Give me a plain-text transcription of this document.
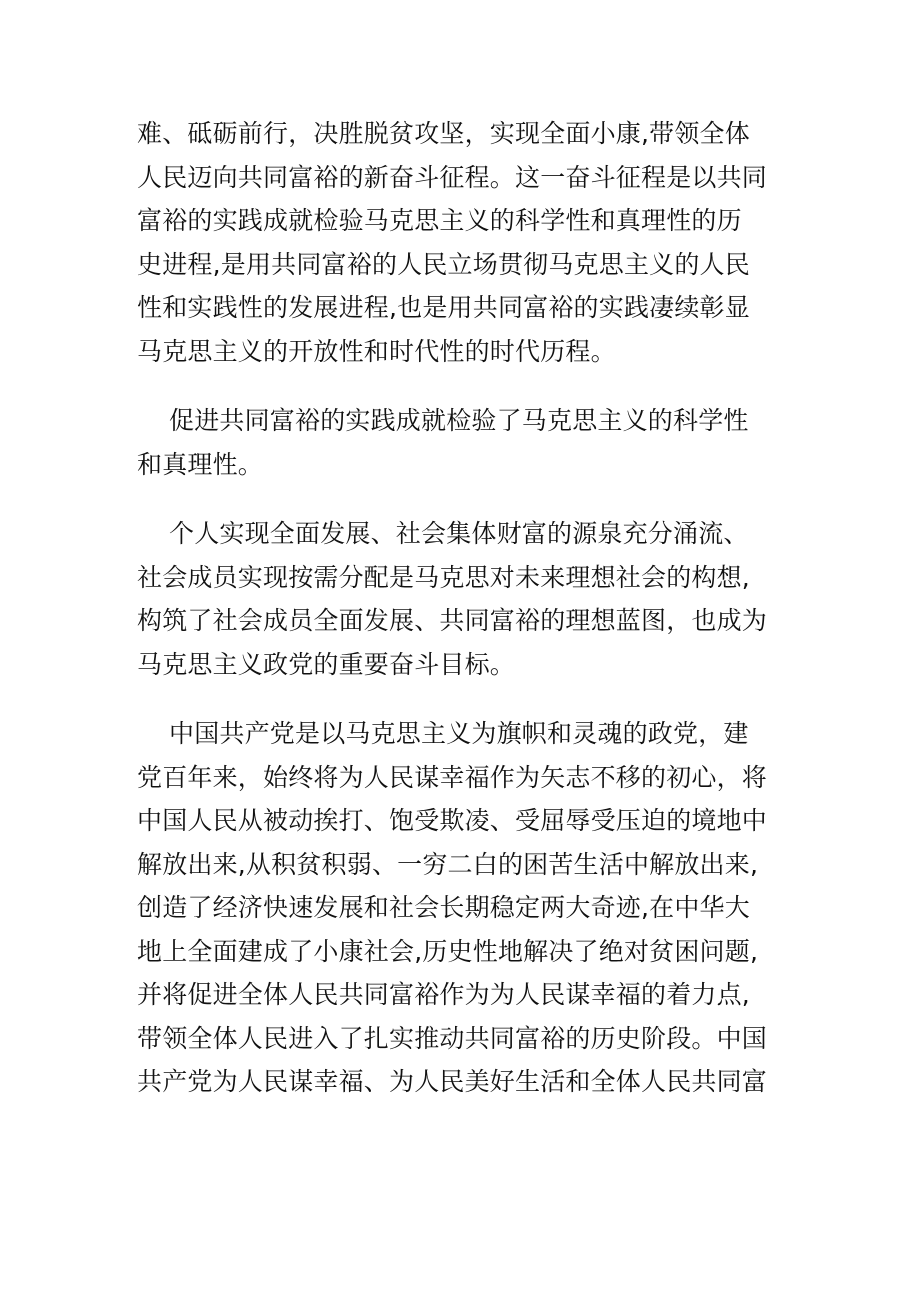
难、砥砺前行，决胜脱贫攻坚，实现全面小康,带领全体
人民迈向共同富裕的新奋斗征程。这一奋斗征程是以共同
富裕的实践成就检验马克思主义的科学性和真理性的历
史进程,是用共同富裕的人民立场贯彻马克思主义的人民
性和实践性的发展进程,也是用共同富裕的实践凄续彰显
马克思主义的开放性和时代性的时代历程。
促进共同富裕的实践成就检验了马克思主义的科学性
和真理性。
个人实现全面发展、社会集体财富的源泉充分涌流、
社会成员实现按需分配是马克思对未来理想社会的构想,
构筑了社会成员全面发展、共同富裕的理想蓝图，也成为
马克思主义政党的重要奋斗目标。
中国共产党是以马克思主义为旗帜和灵魂的政党，建
党百年来，始终将为人民谋幸福作为矢志不移的初心，将
中国人民从被动挨打、饱受欺凌、受屈辱受压迫的境地中
解放出来,从积贫积弱、一穷二白的困苦生活中解放出来,
创造了经济快速发展和社会长期稳定两大奇迹,在中华大
地上全面建成了小康社会,历史性地解决了绝对贫困问题,
并将促进全体人民共同富裕作为为人民谋幸福的着力点,
带领全体人民进入了扎实推动共同富裕的历史阶段。中国
共产党为人民谋幸福、为人民美好生活和全体人民共同富
